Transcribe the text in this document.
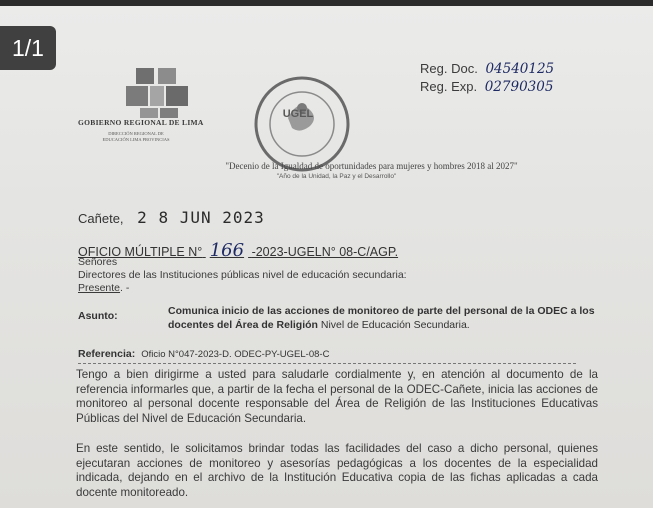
1/1
GOBIERNO REGIONAL DE LIMA
DIRECCIÓN REGIONAL DE EDUCACIÓN LIMA PROVINCIAS
UGEL
Reg. Doc. 04540125
Reg. Exp. 02790305
"Decenio de la Igualdad de oportunidades para mujeres y hombres 2018 al 2027"
"Año de la Unidad, la Paz y el Desarrollo"
Cañete, 2 8 JUN 2023
OFICIO MÚLTIPLE N° 166 -2023-UGELN° 08-C/AGP.
Señores
Directores de las Instituciones públicas nivel de educación secundaria:
Presente. -
Asunto:	Comunica inicio de las acciones de monitoreo de parte del personal de la ODEC a los docentes del Área de Religión Nivel de Educación Secundaria.
Referencia: Oficio N°047-2023-D. ODEC-PY-UGEL-08-C
Tengo a bien dirigirme a usted para saludarle cordialmente y, en atención al documento de la referencia informarles que, a partir de la fecha el personal de la ODEC-Cañete, inicia las acciones de monitoreo al personal docente responsable del Área de Religión de las Instituciones Educativas Públicas del Nivel de Educación Secundaria.
En este sentido, le solicitamos brindar todas las facilidades del caso a dicho personal, quienes ejecutaran acciones de monitoreo y asesorías pedagógicas a los docentes de la especialidad indicada, dejando en el archivo de la Institución Educativa copia de las fichas aplicadas a cada docente monitoreado.
